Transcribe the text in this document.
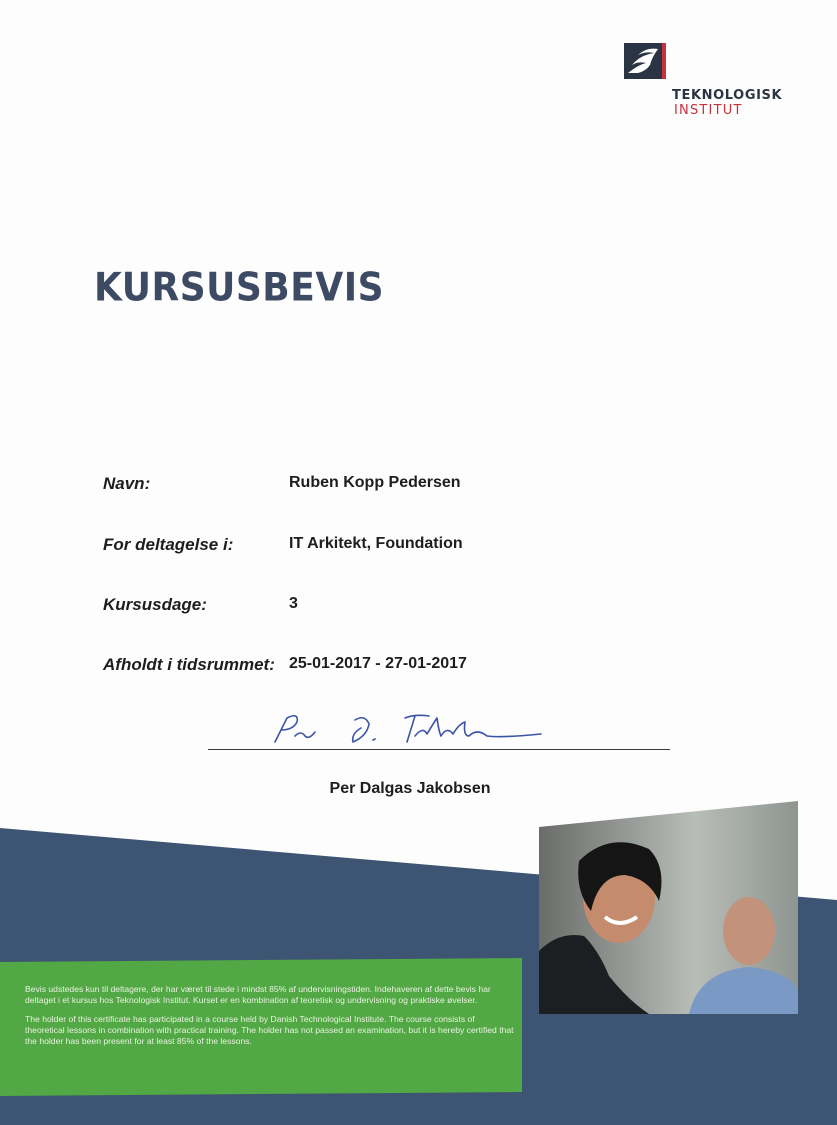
TEKNOLOGISK
INSTITUT
KURSUSBEVIS
Navn:	Ruben Kopp Pedersen
For deltagelse i:	IT Arkitekt, Foundation
Kursusdage:	3
Afholdt i tidsrummet: 25-01-2017 - 27-01-2017
Per Dalgas Jakobsen

Bevis udstedes kun til deltagere, der har været til stede i mindst 85% af undervisningstiden. Indehaveren af dette bevis har deltaget i et kursus hos Teknologisk Institut. Kurset er en kombination af teoretisk og undervisning og praktiske øvelser.

The holder of this certificate has participated in a course held by Danish Technological Institute. The course consists of theoretical lessons in combination with practical training. The holder has not passed an examination, but it is hereby certified that the holder has been present for at least 85% of the lessons.
